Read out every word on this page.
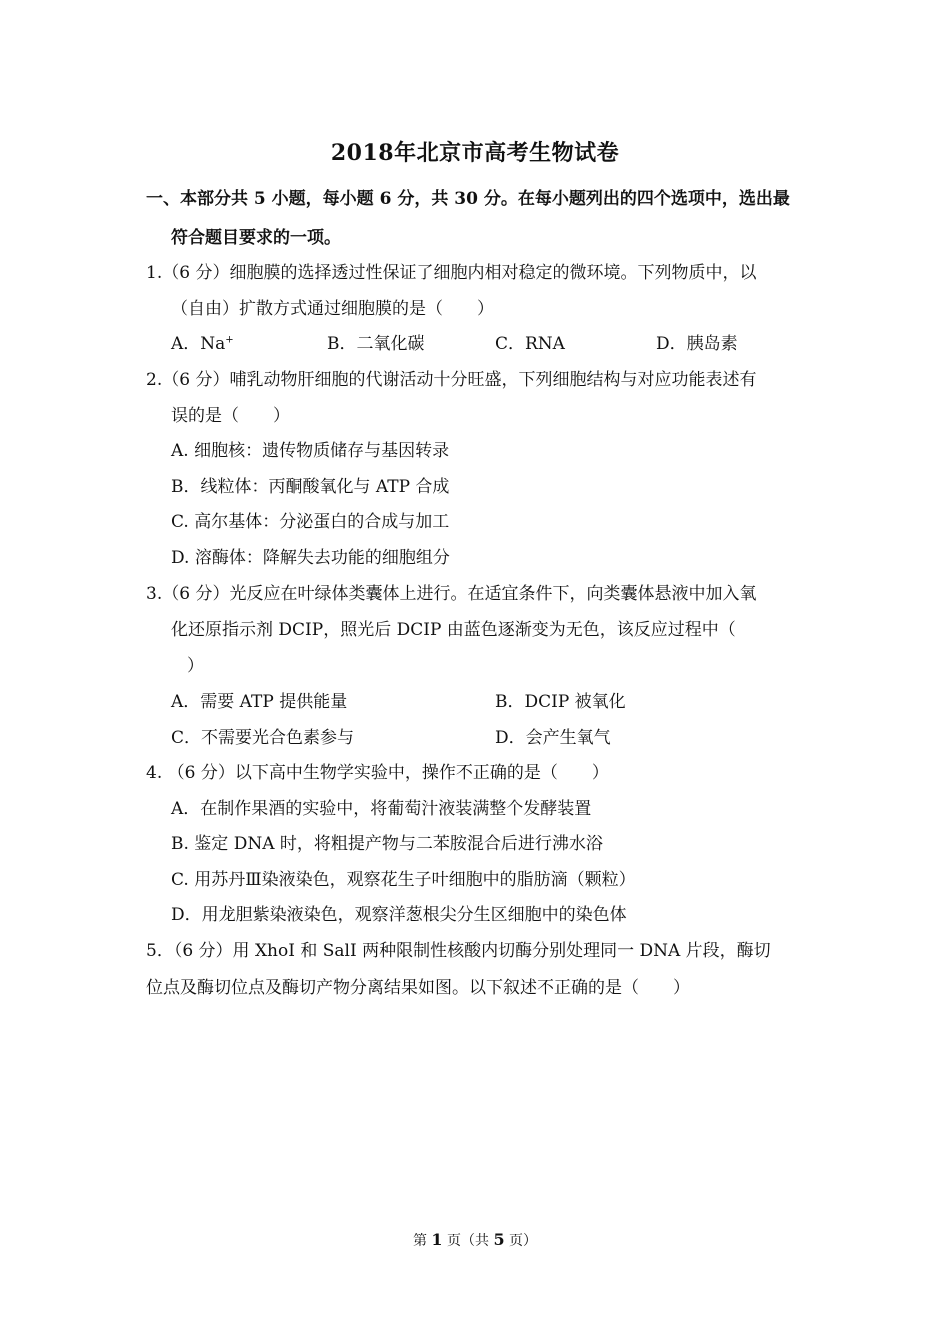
2018年北京市高考生物试卷
一、本部分共 5 小题，每小题 6 分，共 30 分。在每小题列出的四个选项中，选出最
符合题目要求的一项。
1.（6 分）细胞膜的选择透过性保证了细胞内相对稳定的微环境。下列物质中，以
（自由）扩散方式通过细胞膜的是（　　）
A．Na+	B．二氧化碳	C．RNA	D．胰岛素
2.（6 分）哺乳动物肝细胞的代谢活动十分旺盛，下列细胞结构与对应功能表述有
误的是（　　）
A. 细胞核：遗传物质储存与基因转录
B．线粒体：丙酮酸氧化与 ATP 合成
C. 高尔基体：分泌蛋白的合成与加工
D. 溶酶体：降解失去功能的细胞组分
3.（6 分）光反应在叶绿体类囊体上进行。在适宜条件下，向类囊体悬液中加入氧
化还原指示剂 DCIP，照光后 DCIP 由蓝色逐渐变为无色，该反应过程中（
）
A．需要 ATP 提供能量	B．DCIP 被氧化
C．不需要光合色素参与	D．会产生氧气
4. （6 分）以下高中生物学实验中，操作不正确的是（　　）
A．在制作果酒的实验中，将葡萄汁液装满整个发酵装置
B. 鉴定 DNA 时，将粗提产物与二苯胺混合后进行沸水浴
C. 用苏丹Ⅲ染液染色，观察花生子叶细胞中的脂肪滴（颗粒）
D．用龙胆紫染液染色，观察洋葱根尖分生区细胞中的染色体
5．（6 分）用 XhoI 和 SalI 两种限制性核酸内切酶分别处理同一 DNA 片段，酶切
位点及酶切位点及酶切产物分离结果如图。以下叙述不正确的是（　　）
第 1 页（共 5 页）
